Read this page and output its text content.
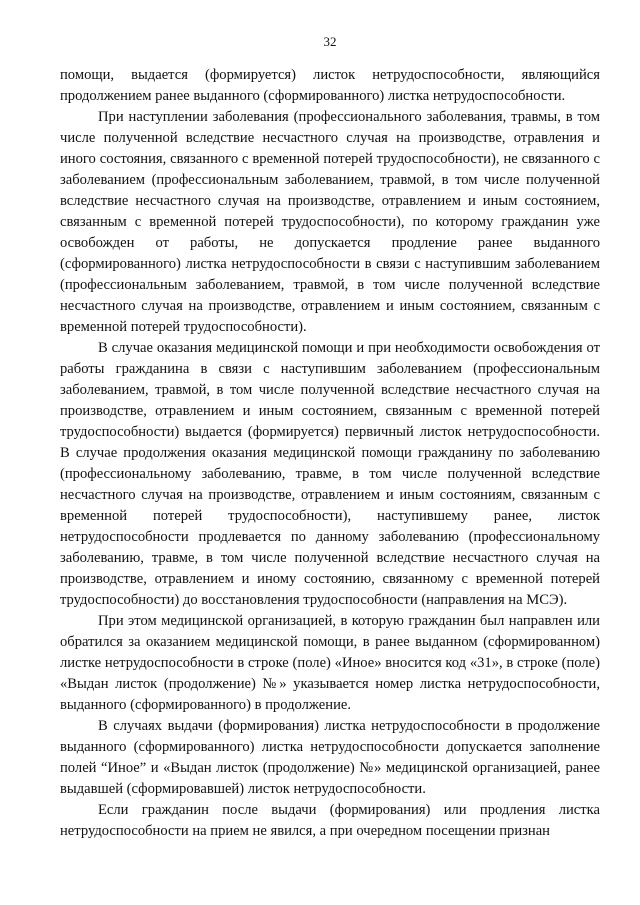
32

помощи, выдается (формируется) листок нетрудоспособности, являющийся продолжением ранее выданного (сформированного) листка нетрудоспособности.

При наступлении заболевания (профессионального заболевания, травмы, в том числе полученной вследствие несчастного случая на производстве, отравления и иного состояния, связанного с временной потерей трудоспособности), не связанного с заболеванием (профессиональным заболеванием, травмой, в том числе полученной вследствие несчастного случая на производстве, отравлением и иным состоянием, связанным с временной потерей трудоспособности), по которому гражданин уже освобожден от работы, не допускается продление ранее выданного (сформированного) листка нетрудоспособности в связи с наступившим заболеванием (профессиональным заболеванием, травмой, в том числе полученной вследствие несчастного случая на производстве, отравлением и иным состоянием, связанным с временной потерей трудоспособности).

В случае оказания медицинской помощи и при необходимости освобождения от работы гражданина в связи с наступившим заболеванием (профессиональным заболеванием, травмой, в том числе полученной вследствие несчастного случая на производстве, отравлением и иным состоянием, связанным с временной потерей трудоспособности) выдается (формируется) первичный листок нетрудоспособности. В случае продолжения оказания медицинской помощи гражданину по заболеванию (профессиональному заболеванию, травме, в том числе полученной вследствие несчастного случая на производстве, отравлением и иным состояниям, связанным с временной потерей трудоспособности), наступившему ранее, листок нетрудоспособности продлевается по данному заболеванию (профессиональному заболеванию, травме, в том числе полученной вследствие несчастного случая на производстве, отравлением и иному состоянию, связанному с временной потерей трудоспособности) до восстановления трудоспособности (направления на МСЭ).

При этом медицинской организацией, в которую гражданин был направлен или обратился за оказанием медицинской помощи, в ранее выданном (сформированном) листке нетрудоспособности в строке (поле) «Иное» вносится код «31», в строке (поле) «Выдан листок (продолжение) №» указывается номер листка нетрудоспособности, выданного (сформированного) в продолжение.

В случаях выдачи (формирования) листка нетрудоспособности в продолжение выданного (сформированного) листка нетрудоспособности допускается заполнение полей “Иное” и «Выдан листок (продолжение) №» медицинской организацией, ранее выдавшей (сформировавшей) листок нетрудоспособности.

Если гражданин после выдачи (формирования) или продления листка нетрудоспособности на прием не явился, а при очередном посещении признан
